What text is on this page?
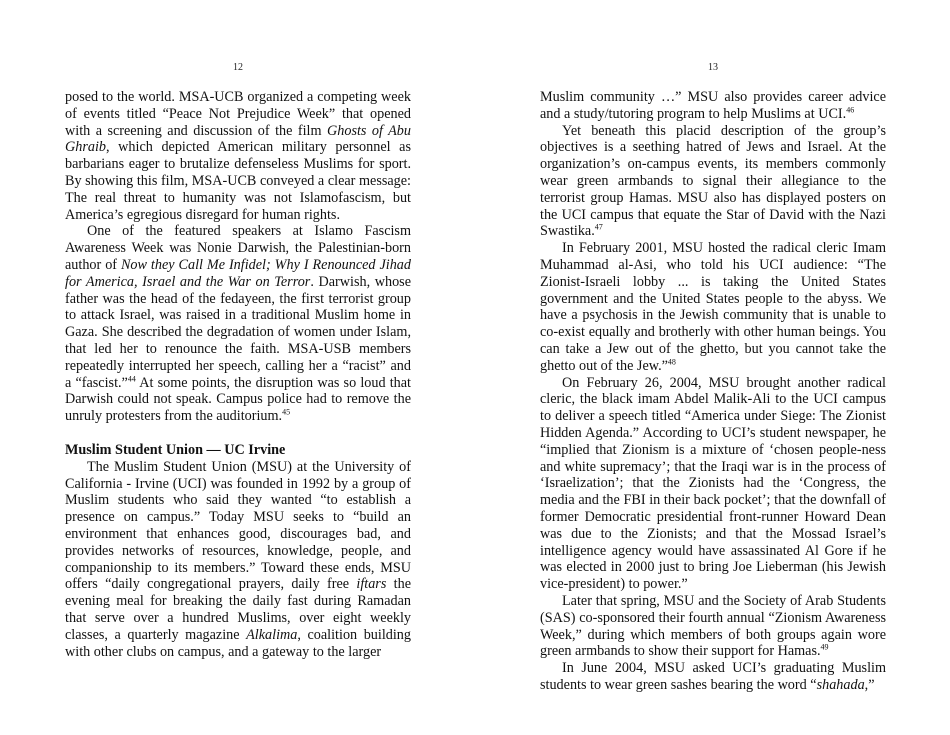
12

posed to the world. MSA-UCB organized a competing week of events titled “Peace Not Prejudice Week” that opened with a screening and discussion of the film Ghosts of Abu Ghraib, which depicted American military personnel as barbarians eager to brutalize defenseless Muslims for sport. By showing this film, MSA-UCB conveyed a clear message: The real threat to humanity was not Islamofascism, but America’s egregious disregard for human rights.

One of the featured speakers at Islamo Fascism Awareness Week was Nonie Darwish, the Palestinian-born author of Now they Call Me Infidel; Why I Renounced Jihad for America, Israel and the War on Terror. Darwish, whose father was the head of the fedayeen, the first terrorist group to attack Israel, was raised in a traditional Muslim home in Gaza. She described the degradation of women under Islam, that led her to renounce the faith. MSA-USB members repeatedly interrupted her speech, calling her a “racist” and a “fascist.”$^{44}$ At some points, the disruption was so loud that Darwish could not speak. Campus police had to remove the unruly protesters from the auditorium.$^{45}$

Muslim Student Union — UC Irvine

The Muslim Student Union (MSU) at the University of California - Irvine (UCI) was founded in 1992 by a group of Muslim students who said they wanted “to establish a presence on campus.” Today MSU seeks to “build an environment that enhances good, discourages bad, and provides networks of resources, knowledge, people, and companionship to its members.” Toward these ends, MSU offers “daily congregational prayers, daily free iftars the evening meal for breaking the daily fast during Ramadan that serve over a hundred Muslims, over eight weekly classes, a quarterly magazine Alkalima, coalition building with other clubs on campus, and a gateway to the larger

13

Muslim community …” MSU also provides career advice and a study/tutoring program to help Muslims at UCI.$^{46}$

Yet beneath this placid description of the group’s objectives is a seething hatred of Jews and Israel. At the organization’s on-campus events, its members commonly wear green armbands to signal their allegiance to the terrorist group Hamas. MSU also has displayed posters on the UCI campus that equate the Star of David with the Nazi Swastika.$^{47}$

In February 2001, MSU hosted the radical cleric Imam Muhammad al-Asi, who told his UCI audience: “The Zionist-Israeli lobby ... is taking the United States government and the United States people to the abyss. We have a psychosis in the Jewish community that is unable to co-exist equally and brotherly with other human beings. You can take a Jew out of the ghetto, but you cannot take the ghetto out of the Jew.”$^{48}$

On February 26, 2004, MSU brought another radical cleric, the black imam Abdel Malik-Ali to the UCI campus to deliver a speech titled “America under Siege: The Zionist Hidden Agenda.” According to UCI’s student newspaper, he “implied that Zionism is a mixture of ‘chosen people-ness and white supremacy’; that the Iraqi war is in the process of ‘Israelization’; that the Zionists had the ‘Congress, the media and the FBI in their back pocket’; that the downfall of former Democratic presidential front-runner Howard Dean was due to the Zionists; and that the Mossad Israel’s intelligence agency would have assassinated Al Gore if he was elected in 2000 just to bring Joe Lieberman (his Jewish vice-president) to power.”

Later that spring, MSU and the Society of Arab Students (SAS) co-sponsored their fourth annual “Zionism Awareness Week,” during which members of both groups again wore green armbands to show their support for Hamas.$^{49}$

In June 2004, MSU asked UCI’s graduating Muslim students to wear green sashes bearing the word “shahada,”
